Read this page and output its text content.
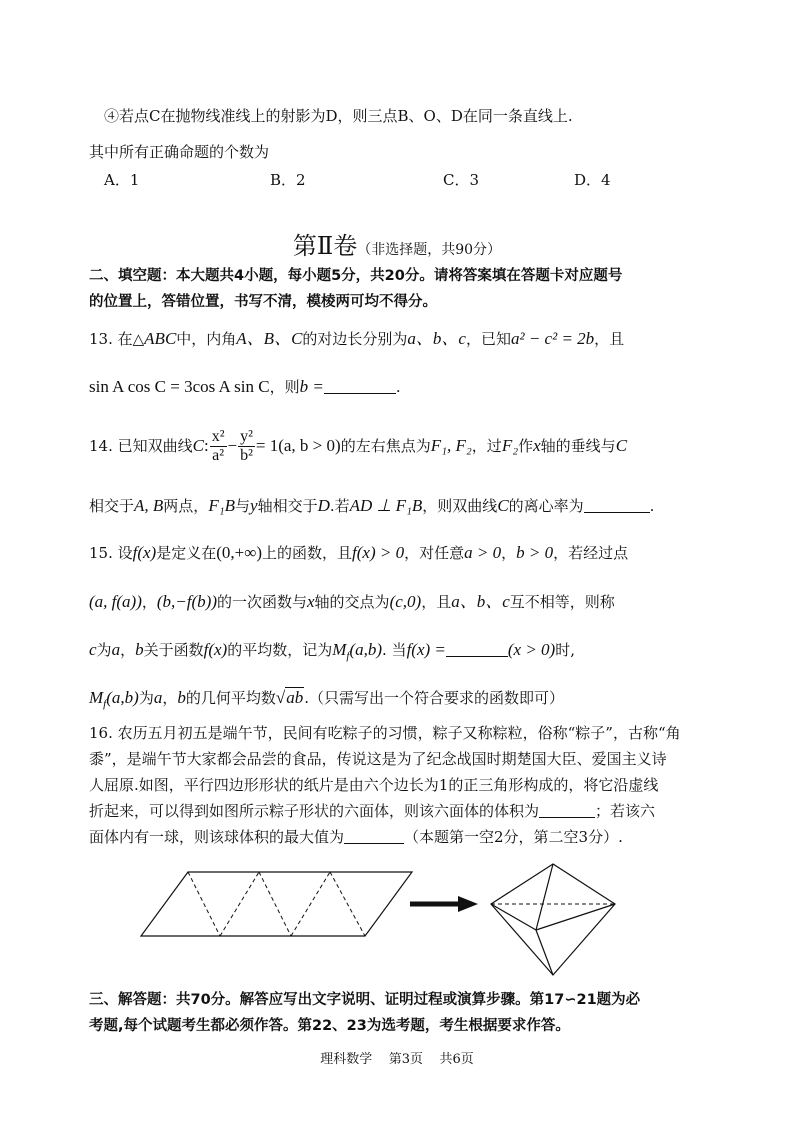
④若点C在抛物线准线上的射影为D，则三点B、O、D在同一条直线上.
其中所有正确命题的个数为
A．1	B．2	C．3	D．4
第Ⅱ卷（非选择题，共90分）
二、填空题：本大题共4小题，每小题5分，共20分。请将答案填在答题卡对应题号
的位置上，答错位置，书写不清，模棱两可均不得分。
13. 在△ABC中，内角A、B、C的对边长分别为a、b、c，已知a² − c² = 2b，且
sin A cos C = 3cos A sin C，则b =	.
14. 已知双曲线 C : $\frac{\text{x²}}{\text{a²}} - \frac{\text{y²}}{\text{b²}} = 1(a$, b > 0) 的左右焦点为 F₁, F₂ ，过 F₂ 作 x 轴的垂线与 C
相交于A, B两点，F₁B与y轴相交于D.若AD ⊥ F₁B，则双曲线C的离心率为	.
15. 设f(x)是定义在(0,+∞)上的函数，且f(x) > 0，对任意a > 0，b > 0，若经过点
(a, f(a))，(b,−f(b))的一次函数与x轴的交点为(c,0)，且a、b、c互不相等，则称
c为a，b关于函数f(x)的平均数，记为$M_f(a,b)$. 当f(x) =	(x > 0)时,
$M_f(a,b)$为a，b的几何平均数√ab.（只需写出一个符合要求的函数即可）
16. 农历五月初五是端午节，民间有吃粽子的习惯，粽子又称粽粒，俗称“粽子”，古称“角
黍”，是端午节大家都会品尝的食品，传说这是为了纪念战国时期楚国大臣、爱国主义诗
人屈原.如图，平行四边形形状的纸片是由六个边长为1的正三角形构成的，将它沿虚线
折起来，可以得到如图所示粽子形状的六面体，则该六面体的体积为	；若该六
面体内有一球，则该球体积的最大值为	（本题第一空2分，第二空3分）.
三、解答题：共70分。解答应写出文字说明、证明过程或演算步骤。第17∽21题为必
考题,每个试题考生都必须作答。第22、23为选考题，考生根据要求作答。
理科数学    第3页    共6页
